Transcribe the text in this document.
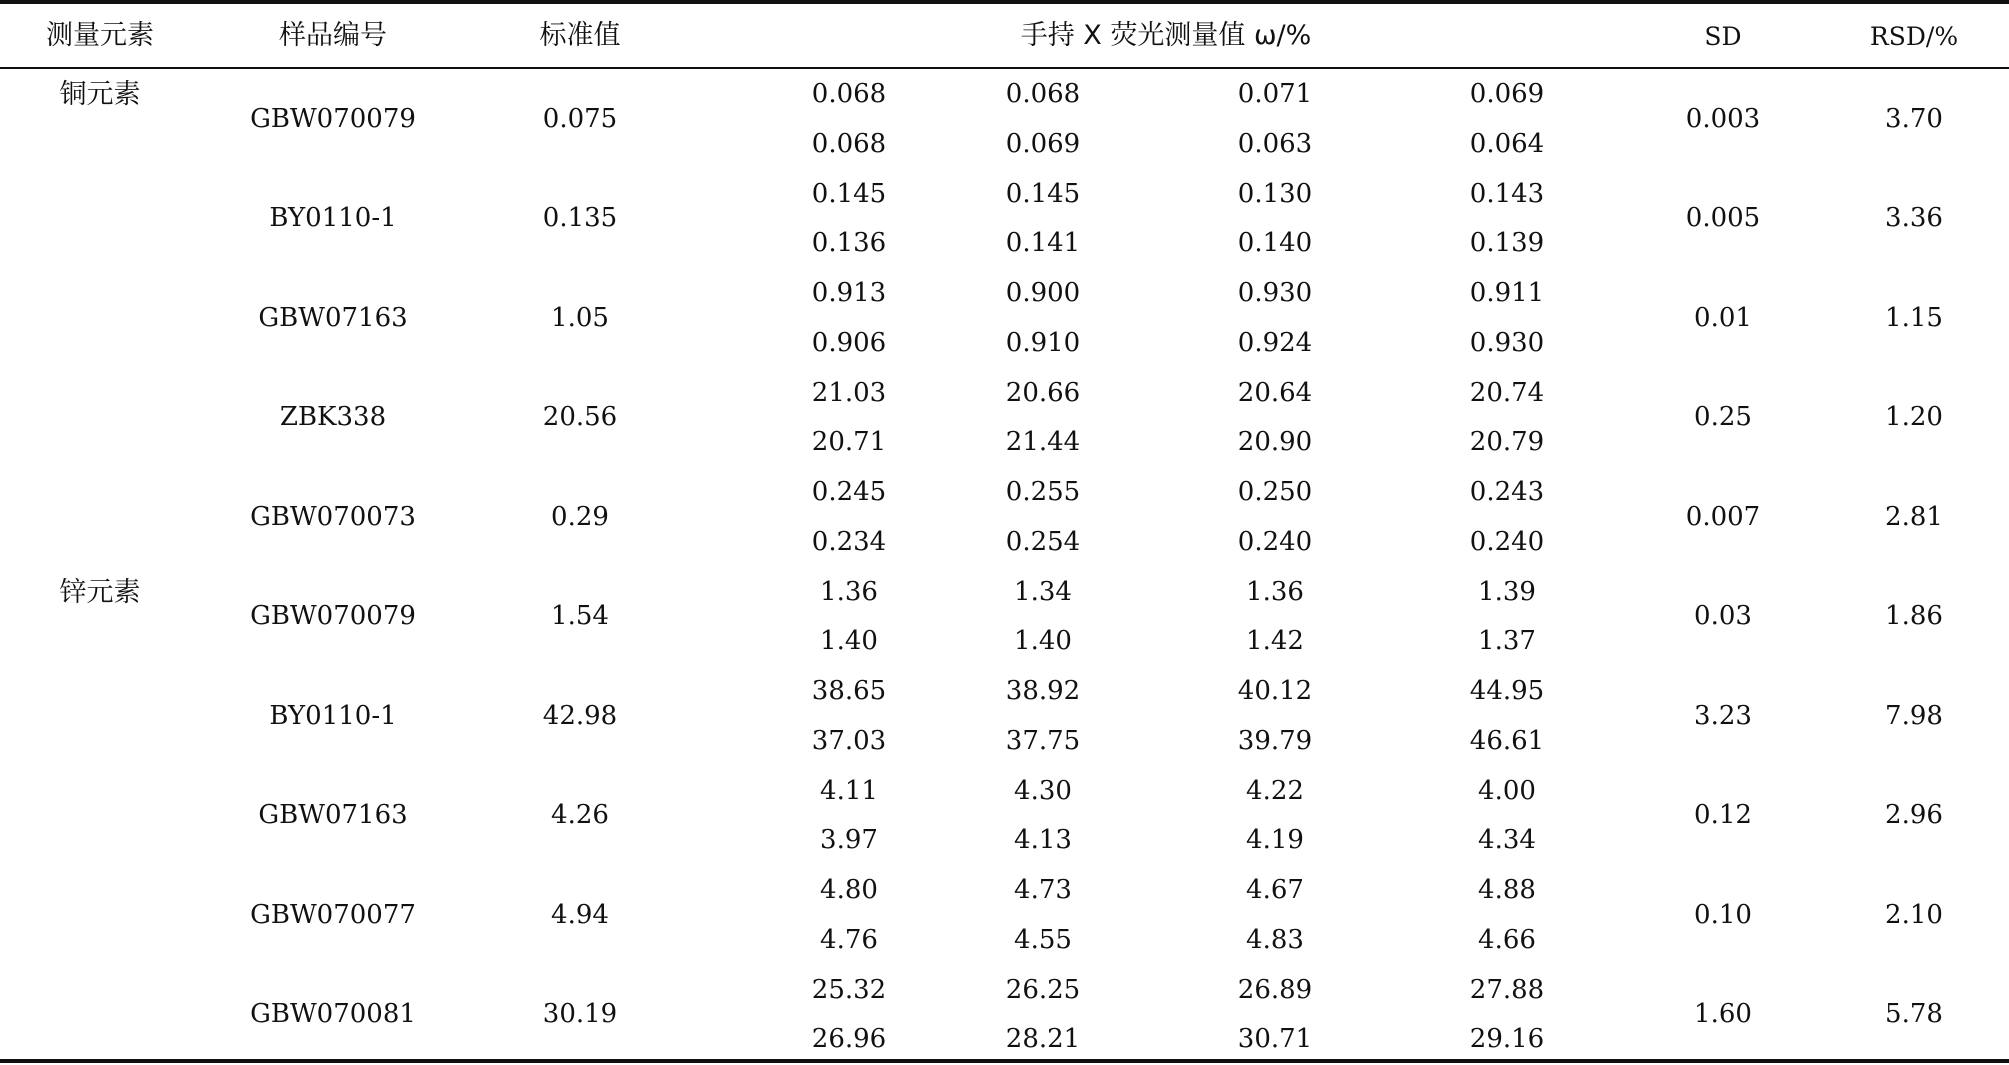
测量元素	样品编号	标准值	手持 X 荧光测量值 ω/%	SD	RSD/%
铜元素
GBW070079	0.075
0.068	0.068	0.071	0.069
0.068	0.069	0.063	0.064
0.003	3.70
BY0110-1	0.135
0.145	0.145	0.130	0.143
0.136	0.141	0.140	0.139
0.005	3.36
GBW07163	1.05
0.913	0.900	0.930	0.911
0.906	0.910	0.924	0.930
0.01	1.15
ZBK338	20.56
21.03	20.66	20.64	20.74
20.71	21.44	20.90	20.79
0.25	1.20
GBW070073	0.29
0.245	0.255	0.250	0.243
0.234	0.254	0.240	0.240
0.007	2.81
锌元素
GBW070079	1.54
1.36	1.34	1.36	1.39
1.40	1.40	1.42	1.37
0.03	1.86
BY0110-1	42.98
38.65	38.92	40.12	44.95
37.03	37.75	39.79	46.61
3.23	7.98
GBW07163	4.26
4.11	4.30	4.22	4.00
3.97	4.13	4.19	4.34
0.12	2.96
GBW070077	4.94
4.80	4.73	4.67	4.88
4.76	4.55	4.83	4.66
0.10	2.10
GBW070081	30.19
25.32	26.25	26.89	27.88
26.96	28.21	30.71	29.16
1.60	5.78
